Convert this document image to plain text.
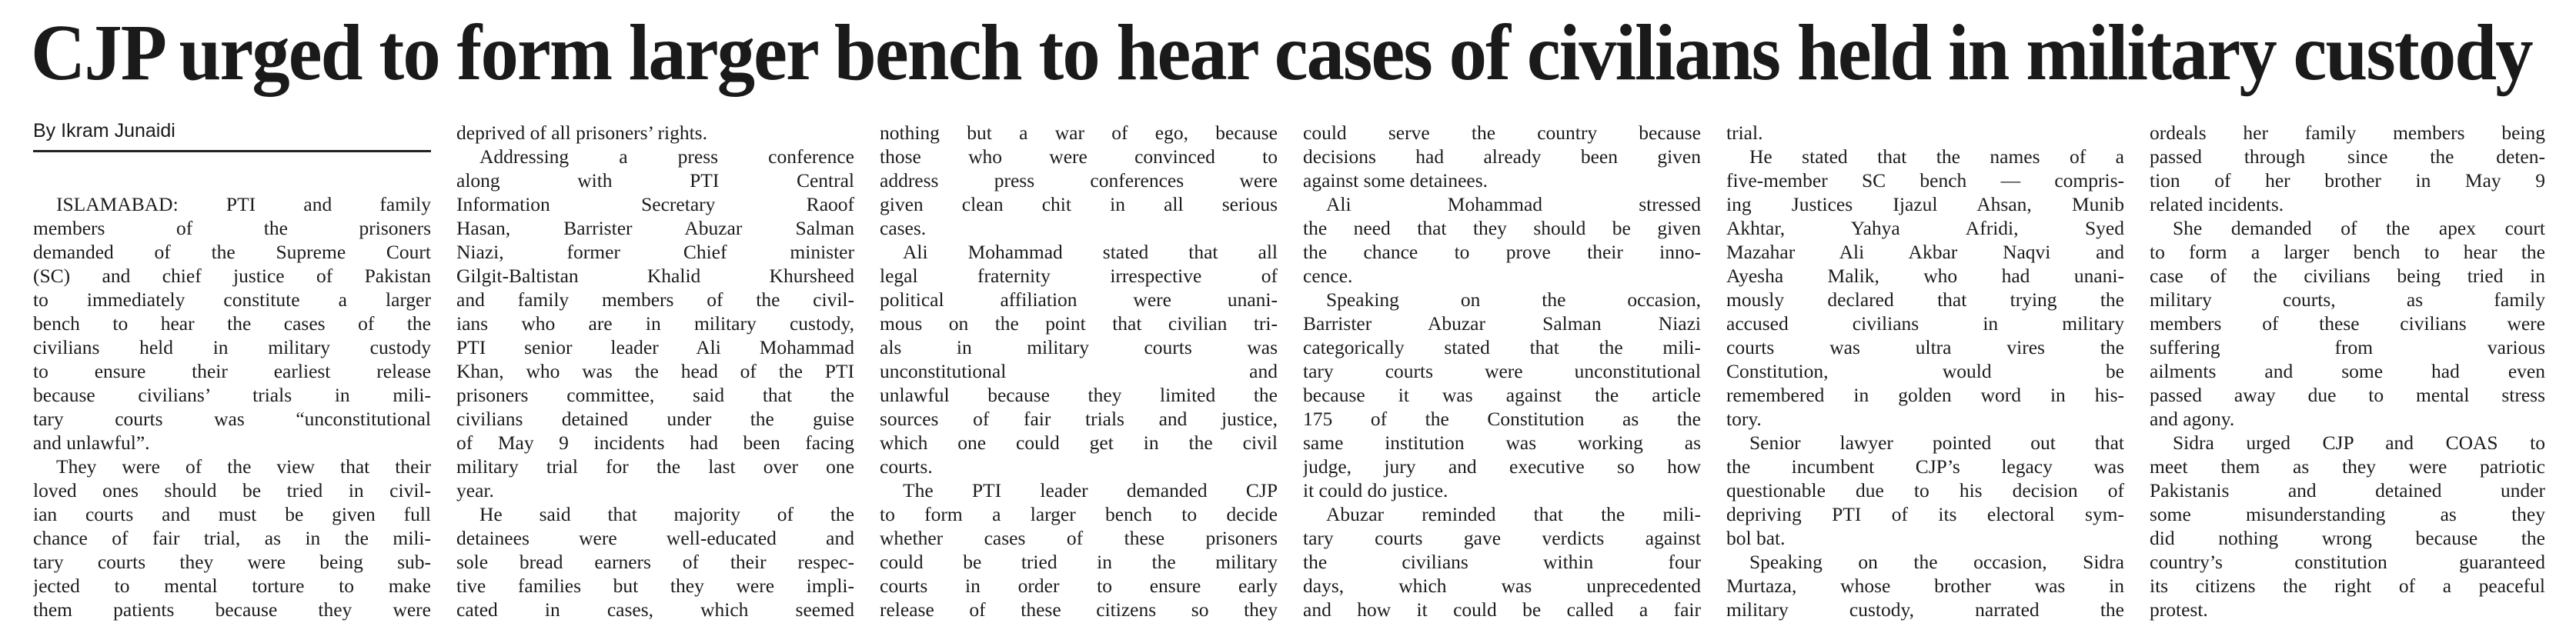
CJP urged to form larger bench to hear cases of civilians held in military custody
By Ikram Junaidi
ISLAMABAD: PTI and family
members of the prisoners
demanded of the Supreme Court
(SC) and chief justice of Pakistan
to immediately constitute a larger
bench to hear the cases of the
civilians held in military custody
to ensure their earliest release
because civilians’ trials in mili-
tary courts was “unconstitutional
and unlawful”.
They were of the view that their
loved ones should be tried in civil-
ian courts and must be given full
chance of fair trial, as in the mili-
tary courts they were being sub-
jected to mental torture to make
them patients because they were
deprived of all prisoners’ rights.
Addressing a press conference
along with PTI Central
Information Secretary Raoof
Hasan, Barrister Abuzar Salman
Niazi, former Chief minister
Gilgit-Baltistan Khalid Khursheed
and family members of the civil-
ians who are in military custody,
PTI senior leader Ali Mohammad
Khan, who was the head of the PTI
prisoners committee, said that the
civilians detained under the guise
of May 9 incidents had been facing
military trial for the last over one
year.
He said that majority of the
detainees were well-educated and
sole bread earners of their respec-
tive families but they were impli-
cated in cases, which seemed
nothing but a war of ego, because
those who were convinced to
address press conferences were
given clean chit in all serious
cases.
Ali Mohammad stated that all
legal fraternity irrespective of
political affiliation were unani-
mous on the point that civilian tri-
als in military courts was
unconstitutional and
unlawful because they limited the
sources of fair trials and justice,
which one could get in the civil
courts.
The PTI leader demanded CJP
to form a larger bench to decide
whether cases of these prisoners
could be tried in the military
courts in order to ensure early
release of these citizens so they
could serve the country because
decisions had already been given
against some detainees.
Ali Mohammad stressed
the need that they should be given
the chance to prove their inno-
cence.
Speaking on the occasion,
Barrister Abuzar Salman Niazi
categorically stated that the mili-
tary courts were unconstitutional
because it was against the article
175 of the Constitution as the
same institution was working as
judge, jury and executive so how
it could do justice.
Abuzar reminded that the mili-
tary courts gave verdicts against
the civilians within four
days, which was unprecedented
and how it could be called a fair
trial.
He stated that the names of a
five-member SC bench — compris-
ing Justices Ijazul Ahsan, Munib
Akhtar, Yahya Afridi, Syed
Mazahar Ali Akbar Naqvi and
Ayesha Malik, who had unani-
mously declared that trying the
accused civilians in military
courts was ultra vires the
Constitution, would be
remembered in golden word in his-
tory.
Senior lawyer pointed out that
the incumbent CJP’s legacy was
questionable due to his decision of
depriving PTI of its electoral sym-
bol bat.
Speaking on the occasion, Sidra
Murtaza, whose brother was in
military custody, narrated the
ordeals her family members being
passed through since the deten-
tion of her brother in May 9
related incidents.
She demanded of the apex court
to form a larger bench to hear the
case of the civilians being tried in
military courts, as family
members of these civilians were
suffering from various
ailments and some had even
passed away due to mental stress
and agony.
Sidra urged CJP and COAS to
meet them as they were patriotic
Pakistanis and detained under
some misunderstanding as they
did nothing wrong because the
country’s constitution guaranteed
its citizens the right of a peaceful
protest.
